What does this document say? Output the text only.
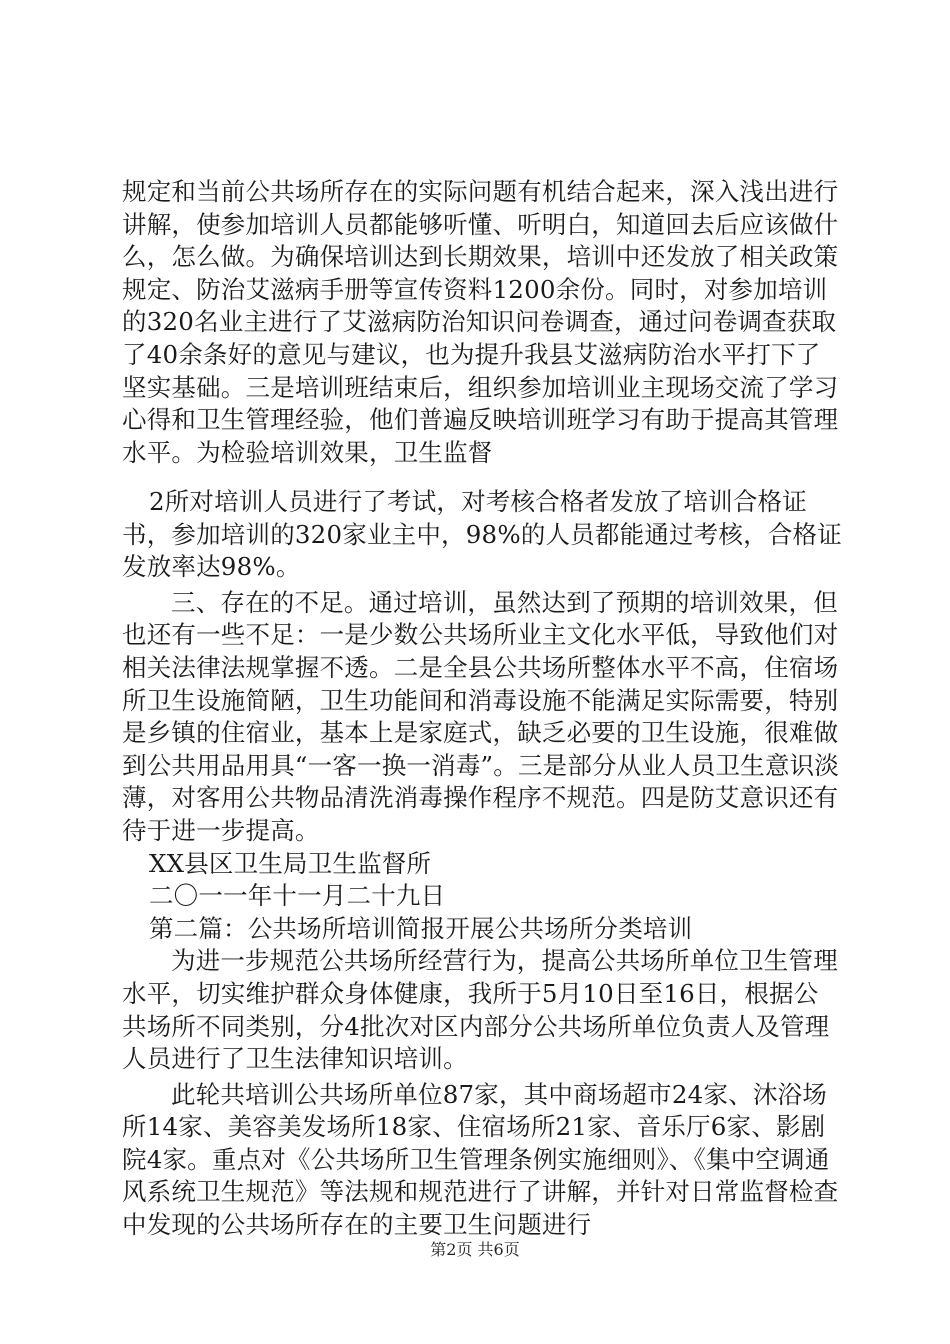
规定和当前公共场所存在的实际问题有机结合起来，深入浅出进行讲解，使参加培训人员都能够听懂、听明白，知道回去后应该做什么，怎么做。为确保培训达到长期效果，培训中还发放了相关政策规定、防治艾滋病手册等宣传资料1200余份。同时，对参加培训的320名业主进行了艾滋病防治知识问卷调查，通过问卷调查获取了40余条好的意见与建议，也为提升我县艾滋病防治水平打下了坚实基础。三是培训班结束后，组织参加培训业主现场交流了学习心得和卫生管理经验，他们普遍反映培训班学习有助于提高其管理水平。为检验培训效果，卫生监督

2所对培训人员进行了考试，对考核合格者发放了培训合格证书，参加培训的320家业主中，98%的人员都能通过考核，合格证发放率达98%。

三、存在的不足。通过培训，虽然达到了预期的培训效果，但也还有一些不足：一是少数公共场所业主文化水平低，导致他们对相关法律法规掌握不透。二是全县公共场所整体水平不高，住宿场所卫生设施简陋，卫生功能间和消毒设施不能满足实际需要，特别是乡镇的住宿业，基本上是家庭式，缺乏必要的卫生设施，很难做到公共用品用具“一客一换一消毒”。三是部分从业人员卫生意识淡薄，对客用公共物品清洗消毒操作程序不规范。四是防艾意识还有待于进一步提高。

XX县区卫生局卫生监督所

二〇一一年十一月二十九日

第二篇：公共场所培训简报开展公共场所分类培训

为进一步规范公共场所经营行为，提高公共场所单位卫生管理水平，切实维护群众身体健康，我所于5月10日至16日，根据公共场所不同类别，分4批次对区内部分公共场所单位负责人及管理人员进行了卫生法律知识培训。

此轮共培训公共场所单位87家，其中商场超市24家、沐浴场所14家、美容美发场所18家、住宿场所21家、音乐厅6家、影剧院4家。重点对《公共场所卫生管理条例实施细则》、《集中空调通风系统卫生规范》等法规和规范进行了讲解，并针对日常监督检查中发现的公共场所存在的主要卫生问题进行

第2页 共6页
